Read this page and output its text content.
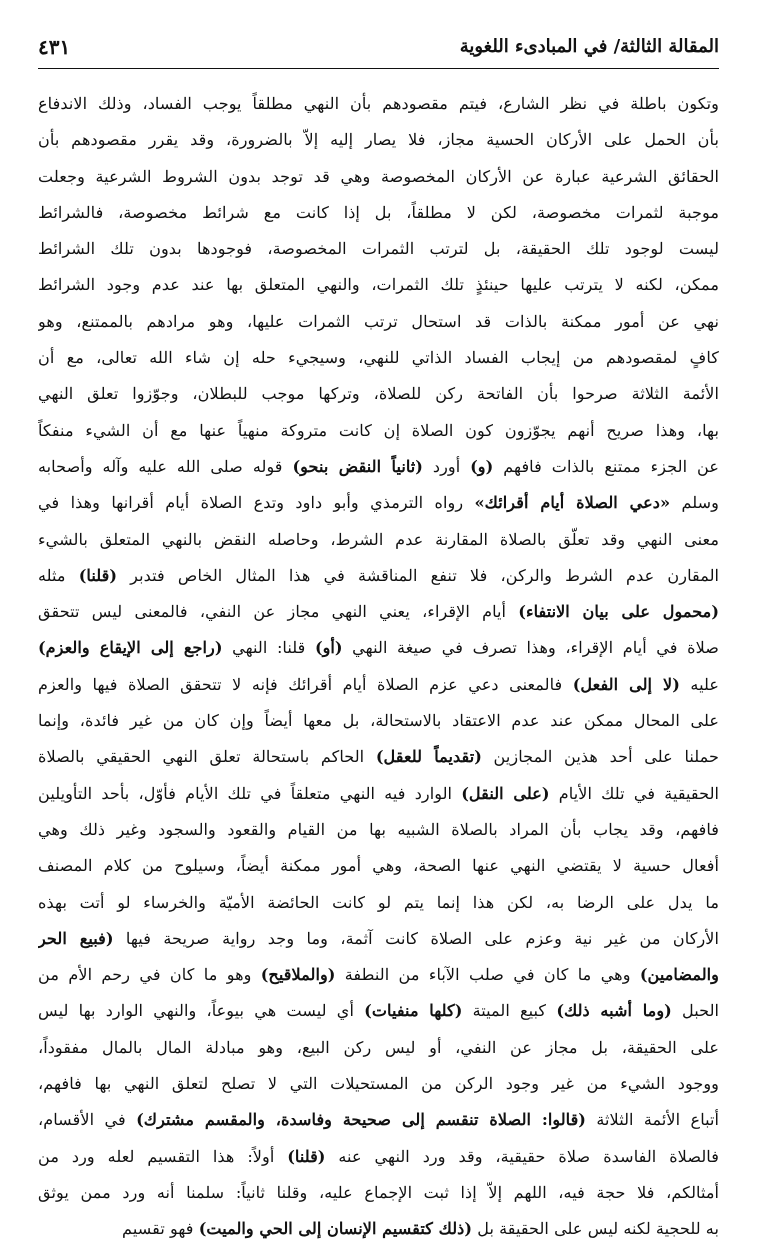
المقالة الثالثة/ في المبادىء اللغوية
٤٣١
وتكون باطلة في نظر الشارع، فيتم مقصودهم بأن النهي مطلقاً يوجب الفساد، وذلك الاندفاع
بأن الحمل على الأركان الحسية مجاز، فلا يصار إليه إلاّ بالضرورة، وقد يقرر مقصودهم بأن
الحقائق الشرعية عبارة عن الأركان المخصوصة وهي قد توجد بدون الشروط الشرعية وجعلت
موجبة لثمرات مخصوصة، لكن لا مطلقاً، بل إذا كانت مع شرائط مخصوصة، فالشرائط
ليست لوجود تلك الحقيقة، بل لترتب الثمرات المخصوصة، فوجودها بدون تلك الشرائط
ممكن، لكنه لا يترتب عليها حينئذٍ تلك الثمرات، والنهي المتعلق بها عند عدم وجود الشرائط
نهي عن أمور ممكنة بالذات قد استحال ترتب الثمرات عليها، وهو مرادهم بالممتنع، وهو
كافٍ لمقصودهم من إيجاب الفساد الذاتي للنهي، وسيجيء حله إن شاء الله تعالى، مع أن
الأئمة الثلاثة صرحوا بأن الفاتحة ركن للصلاة، وتركها موجب للبطلان، وجوّزوا تعلق النهي
بها، وهذا صريح أنهم يجوّزون كون الصلاة إن كانت متروكة منهياً عنها مع أن الشيء منفكاً
عن الجزء ممتنع بالذات فافهم (و) أورد (ثانياً النقض بنحو) قوله صلى الله عليه وآله وأصحابه
وسلم «دعي الصلاة أيام أقرائك» رواه الترمذي وأبو داود وتدع الصلاة أيام أقرانها وهذا في
معنى النهي وقد تعلّق بالصلاة المقارنة عدم الشرط، وحاصله النقض بالنهي المتعلق بالشيء
المقارن عدم الشرط والركن، فلا تنفع المناقشة في هذا المثال الخاص فتدبر (قلنا) مثله
(محمول على بيان الانتفاء) أيام الإقراء، يعني النهي مجاز عن النفي، فالمعنى ليس تتحقق
صلاة في أيام الإقراء، وهذا تصرف في صيغة النهي (أو) قلنا: النهي (راجع إلى الإيقاع والعزم)
عليه (لا إلى الفعل) فالمعنى دعي عزم الصلاة أيام أقرائك فإنه لا تتحقق الصلاة فيها والعزم
على المحال ممكن عند عدم الاعتقاد بالاستحالة، بل معها أيضاً وإن كان من غير فائدة، وإنما
حملنا على أحد هذين المجازين (تقديماً للعقل) الحاكم باستحالة تعلق النهي الحقيقي بالصلاة
الحقيقية في تلك الأيام (على النقل) الوارد فيه النهي متعلقاً في تلك الأيام فأوّل، بأحد التأويلين
فافهم، وقد يجاب بأن المراد بالصلاة الشبيه بها من القيام والقعود والسجود وغير ذلك وهي
أفعال حسية لا يقتضي النهي عنها الصحة، وهي أمور ممكنة أيضاً، وسيلوح من كلام المصنف
ما يدل على الرضا به، لكن هذا إنما يتم لو كانت الحائضة الأميّة والخرساء لو أتت بهذه
الأركان من غير نية وعزم على الصلاة كانت آثمة، وما وجد رواية صريحة فيها (فبيع الحر
والمضامين) وهي ما كان في صلب الآباء من النطفة (والملاقيح) وهو ما كان في رحم الأم من
الحبل (وما أشبه ذلك) كبيع الميتة (كلها منفيات) أي ليست هي بيوعاً، والنهي الوارد بها ليس
على الحقيقة، بل مجاز عن النفي، أو ليس ركن البيع، وهو مبادلة المال بالمال مفقوداً،
ووجود الشيء من غير وجود الركن من المستحيلات التي لا تصلح لتعلق النهي بها فافهم،
أتباع الأئمة الثلاثة (قالوا: الصلاة تنقسم إلى صحيحة وفاسدة، والمقسم مشترك) في الأقسام،
فالصلاة الفاسدة صلاة حقيقية، وقد ورد النهي عنه (قلنا) أولاً: هذا التقسيم لعله ورد من
أمثالكم، فلا حجة فيه، اللهم إلاّ إذا ثبت الإجماع عليه، وقلنا ثانياً: سلمنا أنه ورد ممن يوثق
به للحجية لكنه ليس على الحقيقة بل (ذلك كتقسيم الإنسان إلى الحي والميت) فهو تقسيم
